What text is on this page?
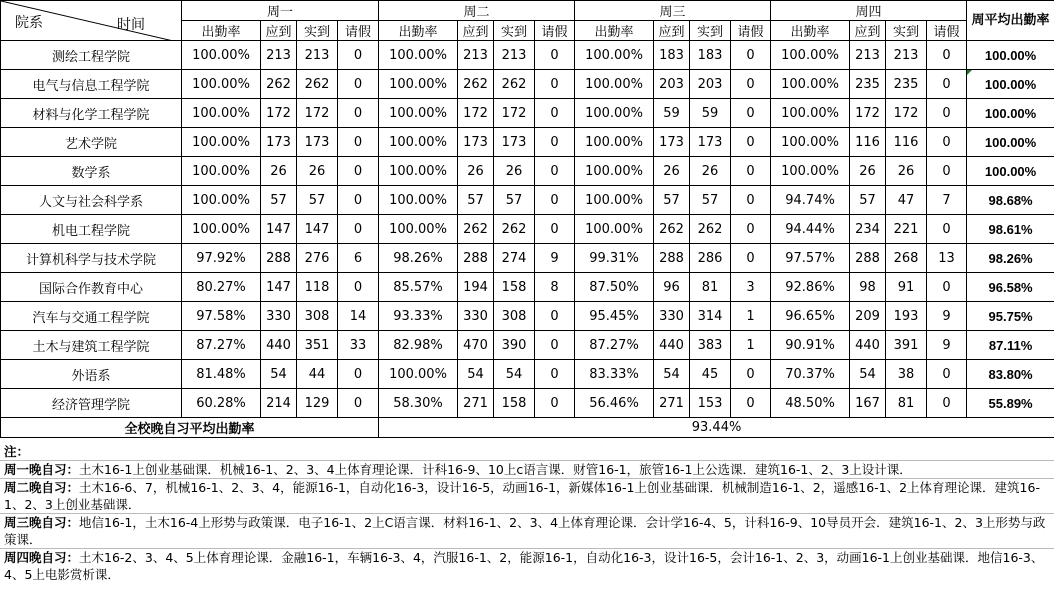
院系 时间	周一				周二				周三				周四				周平均出勤率
	出勤率	应到	实到	请假	出勤率	应到	实到	请假	出勤率	应到	实到	请假	出勤率	应到	实到	请假	
测绘工程学院	100.00%	213	213	0	100.00%	213	213	0	100.00%	183	183	0	100.00%	213	213	0	100.00%
电气与信息工程学院	100.00%	262	262	0	100.00%	262	262	0	100.00%	203	203	0	100.00%	235	235	0	100.00%
材料与化学工程学院	100.00%	172	172	0	100.00%	172	172	0	100.00%	59	59	0	100.00%	172	172	0	100.00%
艺术学院	100.00%	173	173	0	100.00%	173	173	0	100.00%	173	173	0	100.00%	116	116	0	100.00%
数学系	100.00%	26	26	0	100.00%	26	26	0	100.00%	26	26	0	100.00%	26	26	0	100.00%
人文与社会科学系	100.00%	57	57	0	100.00%	57	57	0	100.00%	57	57	0	94.74%	57	47	7	98.68%
机电工程学院	100.00%	147	147	0	100.00%	262	262	0	100.00%	262	262	0	94.44%	234	221	0	98.61%
计算机科学与技术学院	97.92%	288	276	6	98.26%	288	274	9	99.31%	288	286	0	97.57%	288	268	13	98.26%
国际合作教育中心	80.27%	147	118	0	85.57%	194	158	8	87.50%	96	81	3	92.86%	98	91	0	96.58%
汽车与交通工程学院	97.58%	330	308	14	93.33%	330	308	0	95.45%	330	314	1	96.65%	209	193	9	95.75%
土木与建筑工程学院	87.27%	440	351	33	82.98%	470	390	0	87.27%	440	383	1	90.91%	440	391	9	87.11%
外语系	81.48%	54	44	0	100.00%	54	54	0	83.33%	54	45	0	70.37%	54	38	0	83.80%
经济管理学院	60.28%	214	129	0	58.30%	271	158	0	56.46%	271	153	0	48.50%	167	81	0	55.89%
全校晚自习平均出勤率					93.44%												
注：
周一晚自习：土木16-1上创业基础课．机械16-1、2、3、4上体育理论课．计科16-9、10上c语言课．财管16-1，旅管16-1上公选课．建筑16-1、2、3上设计课．
周二晚自习：土木16-6、7，机械16-1、2、3、4，能源16-1，自动化16-3，设计16-5，动画16-1，新媒体16-1上创业基础课．机械制造16-1、2，遥感16-1、2上体育理论课．建筑16-1、2、3上创业基础课．
周三晚自习：地信16-1，土木16-4上形势与政策课．电子16-1、2上C语言课．材料16-1、2、3、4上体育理论课．会计学16-4、5，计科16-9、10导员开会．建筑16-1、2、3上形势与政策课．
周四晚自习：土木16-2、3、4、5上体育理论课．金融16-1，车辆16-3、4，汽服16-1、2，能源16-1，自动化16-3，设计16-5，会计16-1、2、3，动画16-1上创业基础课．地信16-3、4、5上电影赏析课．
